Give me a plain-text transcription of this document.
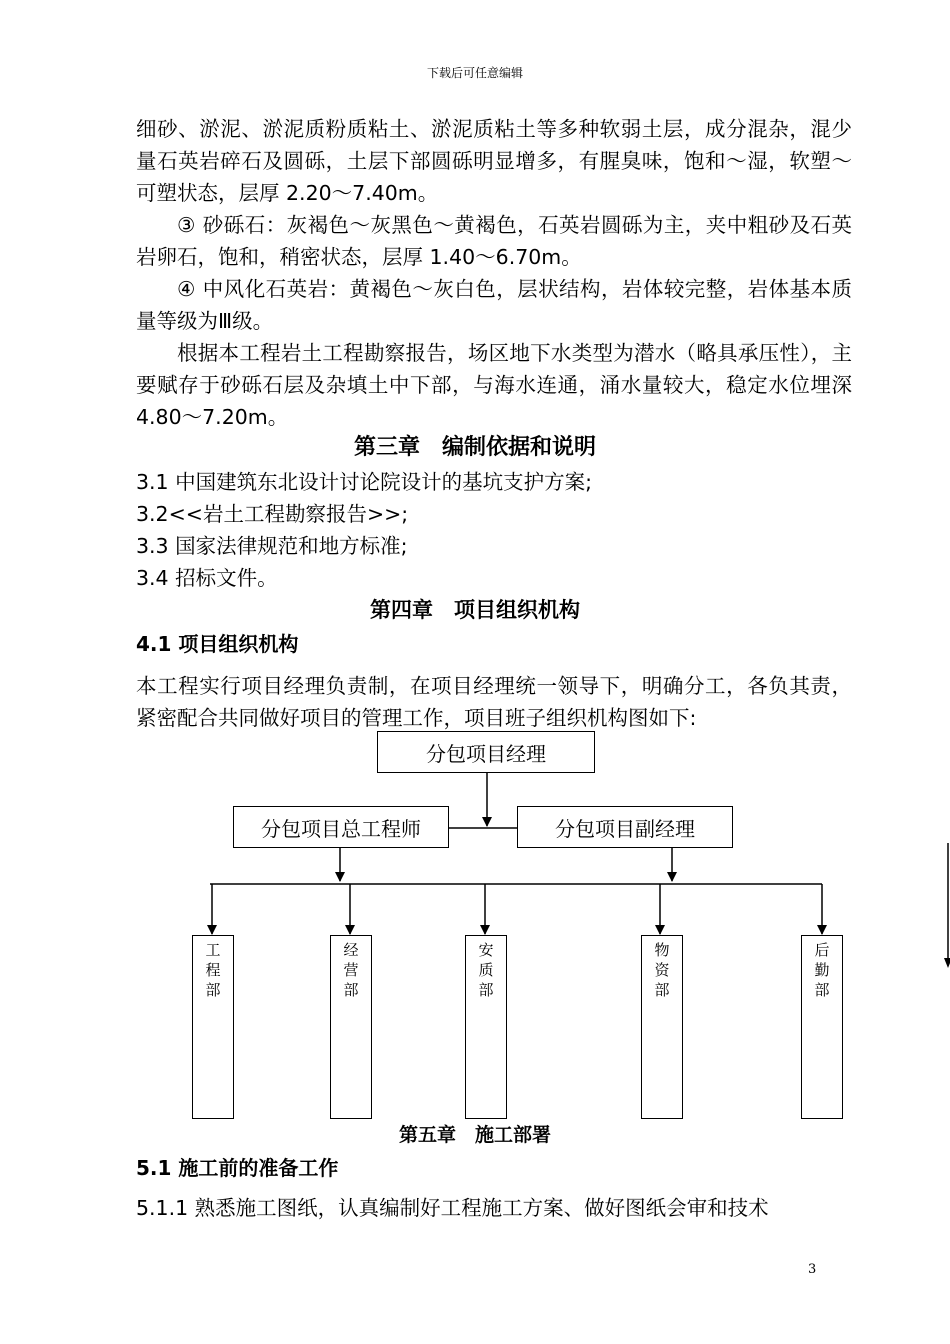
下载后可任意编辑

细砂、淤泥、淤泥质粉质粘土、淤泥质粘土等多种软弱土层，成分混杂，混少量石英岩碎石及圆砾，土层下部圆砾明显增多，有腥臭味，饱和～湿，软塑～可塑状态，层厚 2.20～7.40m。

③ 砂砾石：灰褐色～灰黑色～黄褐色，石英岩圆砾为主，夹中粗砂及石英岩卵石，饱和，稍密状态，层厚 1.40～6.70m。

④ 中风化石英岩：黄褐色～灰白色，层状结构，岩体较完整，岩体基本质量等级为Ⅲ级。

根据本工程岩土工程勘察报告，场区地下水类型为潜水（略具承压性），主要赋存于砂砾石层及杂填土中下部，与海水连通，涌水量较大，稳定水位埋深 4.80～7.20m。

第三章　编制依据和说明
3.1 中国建筑东北设计讨论院设计的基坑支护方案;
3.2<<岩土工程勘察报告>>;
3.3 国家法律规范和地方标准;
3.4 招标文件。
第四章　项目组织机构
4.1 项目组织机构

本工程实行项目经理负责制，在项目经理统一领导下，明确分工，各负其责，紧密配合共同做好项目的管理工作，项目班子组织机构图如下:

分包项目经理
分包项目总工程师	分包项目副经理
工程部
经营部
安质部
物资部
后勤部
第五章　施工部署
5.1 施工前的准备工作
5.1.1 熟悉施工图纸，认真编制好工程施工方案、做好图纸会审和技术
3
